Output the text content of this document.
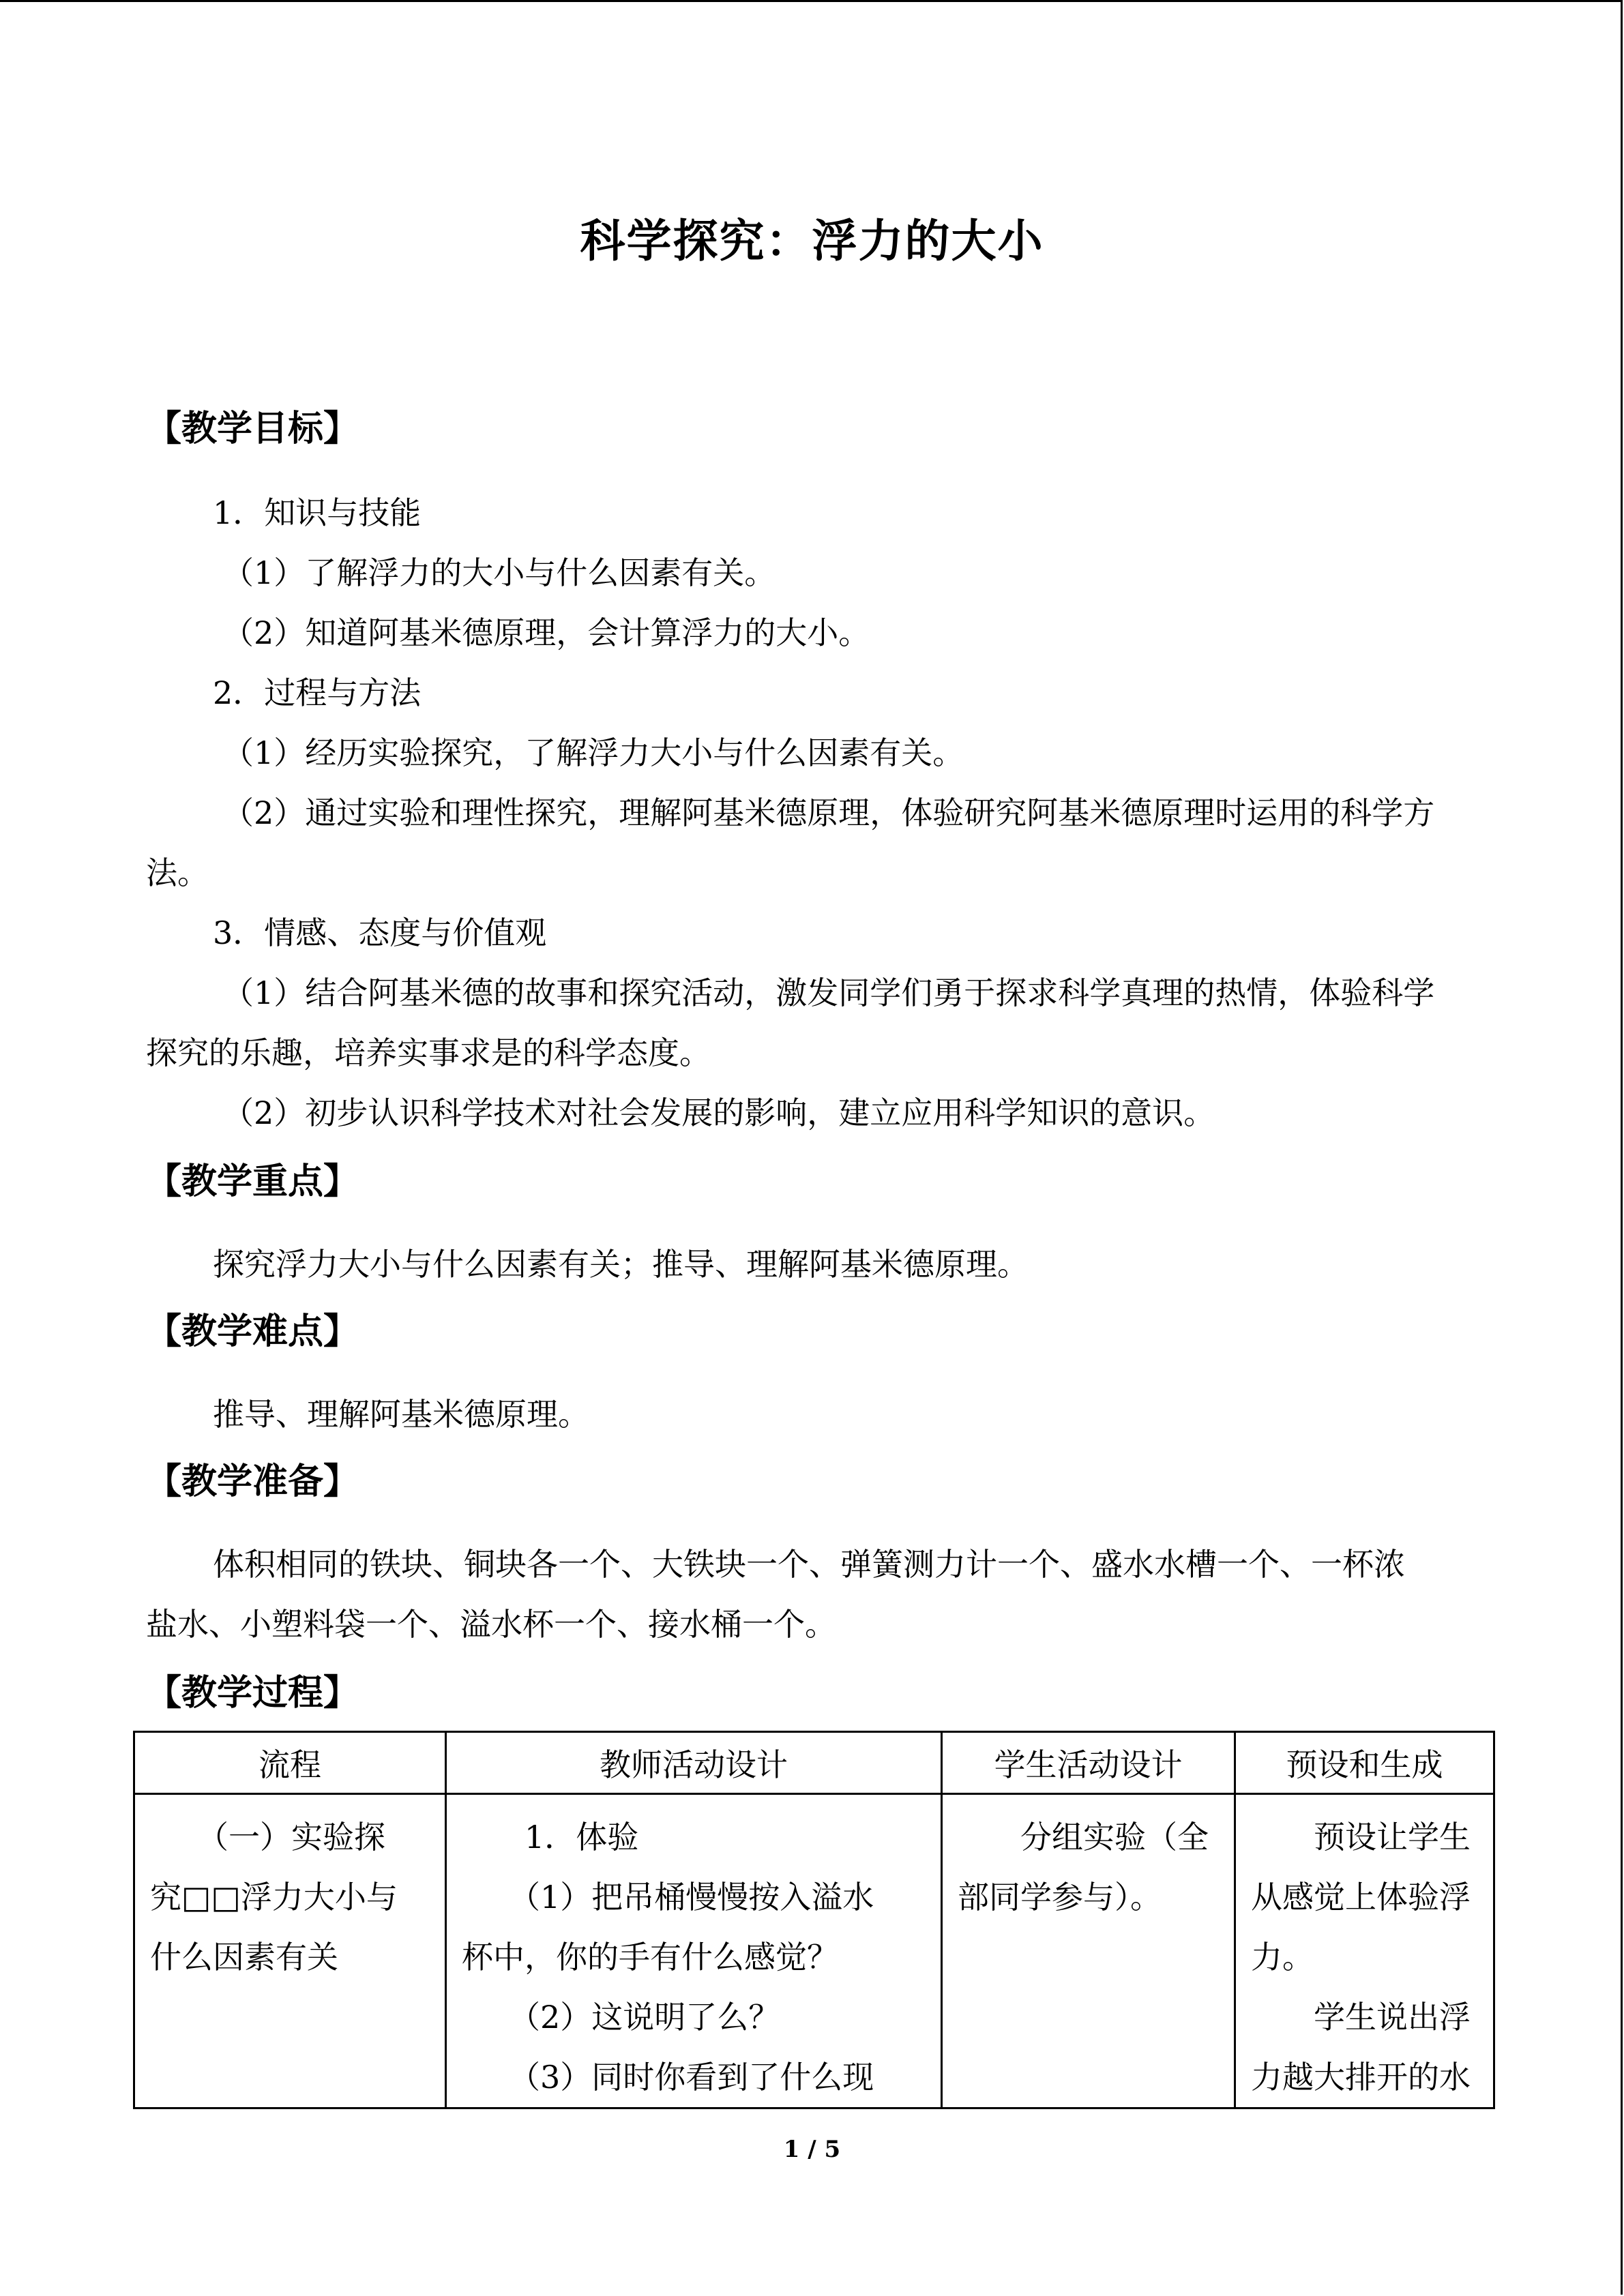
科学探究：浮力的大小
【教学目标】
1．知识与技能
（1）了解浮力的大小与什么因素有关。
（2）知道阿基米德原理，会计算浮力的大小。
2．过程与方法
（1）经历实验探究，了解浮力大小与什么因素有关。
（2）通过实验和理性探究，理解阿基米德原理，体验研究阿基米德原理时运用的科学方
法。
3．情感、态度与价值观
（1）结合阿基米德的故事和探究活动，激发同学们勇于探求科学真理的热情，体验科学
探究的乐趣，培养实事求是的科学态度。
（2）初步认识科学技术对社会发展的影响，建立应用科学知识的意识。
【教学重点】
探究浮力大小与什么因素有关；推导、理解阿基米德原理。
【教学难点】
推导、理解阿基米德原理。
【教学准备】
体积相同的铁块、铜块各一个、大铁块一个、弹簧测力计一个、盛水水槽一个、一杯浓
盐水、小塑料袋一个、溢水杯一个、接水桶一个。
【教学过程】
流程	教师活动设计	学生活动设计	预设和生成

　　（一）实验探
究□□浮力大小与
什么因素有关	　　1．体验
　　（1）把吊桶慢慢按入溢水
杯中，你的手有什么感觉？
　　（2）这说明了么？
　　（3）同时你看到了什么现	　　分组实验（全
部同学参与）。	　　预设让学生
从感觉上体验浮
力。
　　学生说出浮
力越大排开的水
1 / 5
